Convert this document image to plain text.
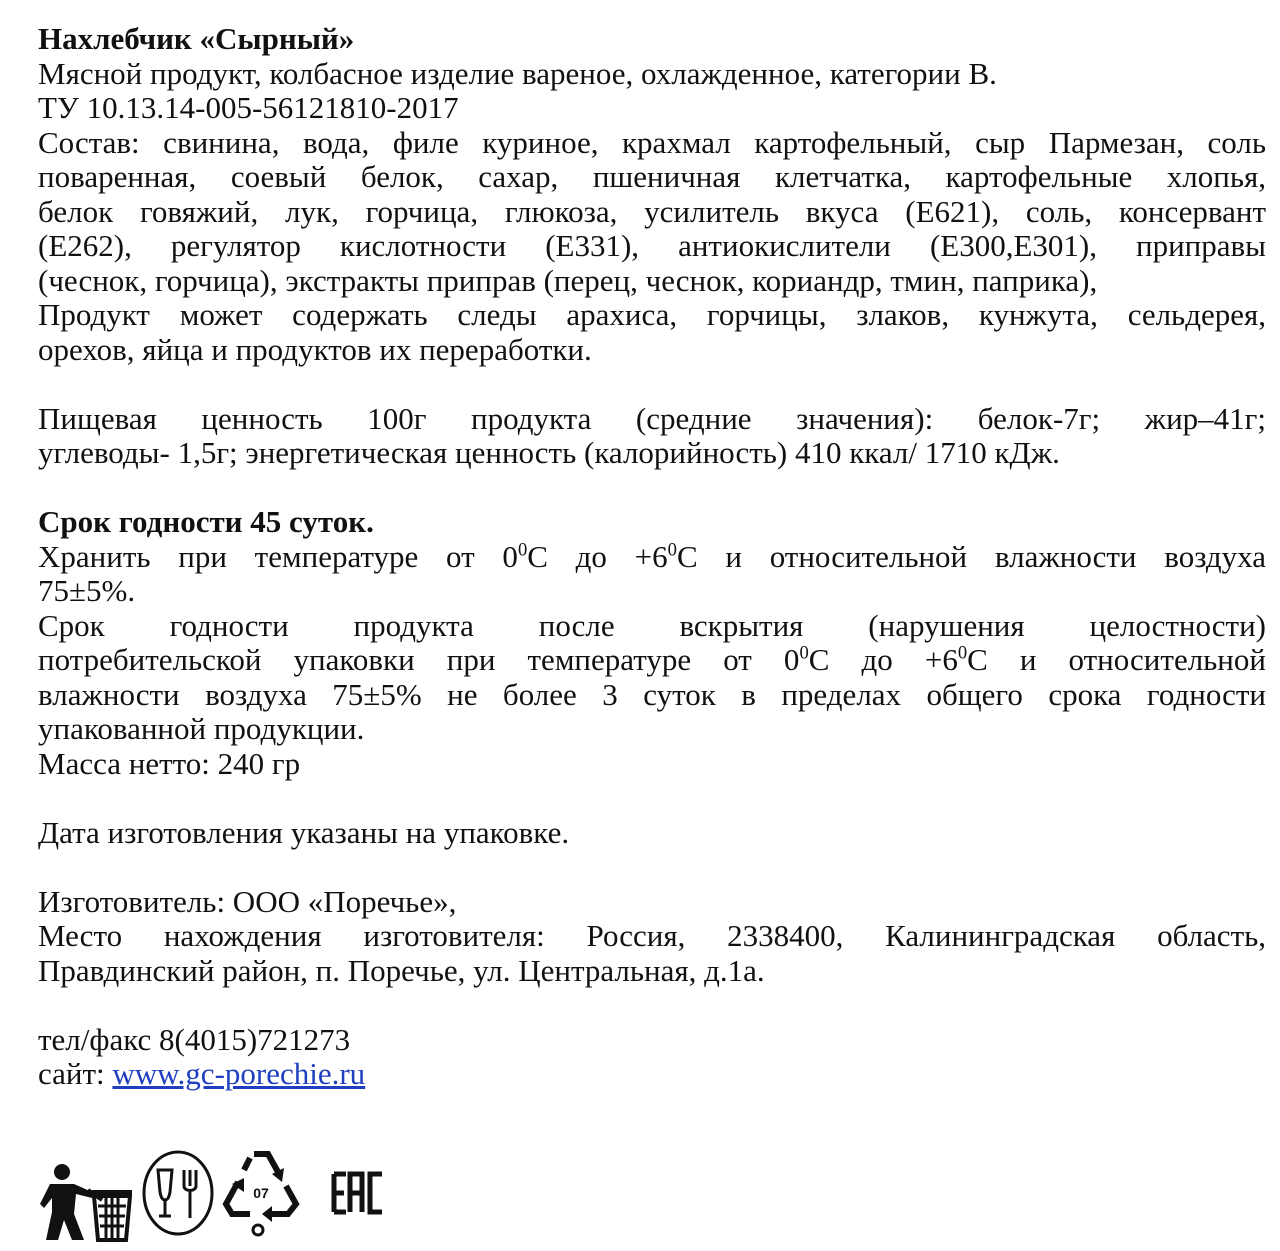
Нахлебчик «Сырный»
Мясной продукт, колбасное изделие вареное, охлажденное, категории В.
ТУ 10.13.14-005-56121810-2017
Состав: свинина, вода, филе куриное, крахмал картофельный, сыр Пармезан, соль
поваренная, соевый белок, сахар, пшеничная клетчатка, картофельные хлопья,
белок говяжий, лук, горчица, глюкоза, усилитель вкуса (Е621), соль, консервант
(Е262), регулятор кислотности (Е331), антиокислители (Е300,Е301), приправы
(чеснок, горчица), экстракты приправ (перец, чеснок, кориандр, тмин, паприка),
Продукт может содержать следы арахиса, горчицы, злаков, кунжута, сельдерея,
орехов, яйца и продуктов их переработки.
Пищевая ценность 100г продукта (средние значения): белок-7г; жир–41г;
углеводы- 1,5г; энергетическая ценность (калорийность) 410 ккал/ 1710 кДж.
Срок годности 45 суток.
Хранить при температуре от $0^0С$ до $+6^0С$ и относительной влажности воздуха
75±5%.
Срок годности продукта после вскрытия (нарушения целостности)
потребительской упаковки при температуре от $0^0С$ до $+6^0С$ и относительной
влажности воздуха 75±5% не более 3 суток в пределах общего срока годности
упакованной продукции.
Масса нетто: 240 гр
Дата изготовления указаны на упаковке.
Изготовитель: ООО «Поречье»,
Место нахождения изготовителя: Россия, 2338400, Калининградская область,
Правдинский район, п. Поречье, ул. Центральная, д.1а.
тел/факс 8(4015)721273
сайт: www.gc-porechie.ru
07
